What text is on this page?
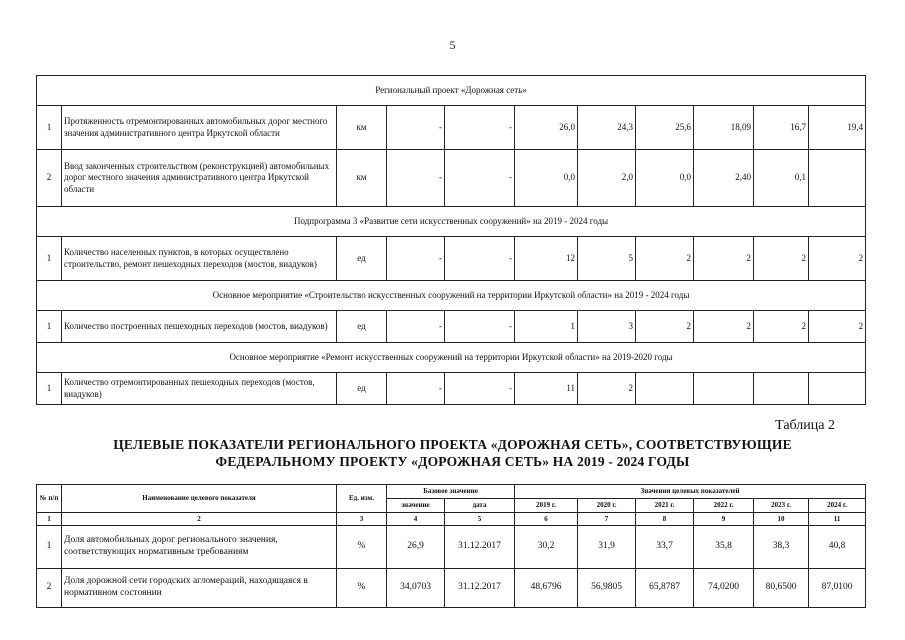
5
Региональный проект «Дорожная сеть»										
1	Протяженность отремонтированных автомобильных дорог местного значения административного центра Иркутской области	км	-	-	26,0	24,3	25,6	18,09	16,7	19,4
2	Ввод законченных строительством (реконструкцией) автомобильных дорог местного значения административного центра Иркутской области	км	-	-	0,0	2,0	0,0	2,40	0,1	
Подпрограмма 3 «Развитие сети искусственных сооружений» на 2019 - 2024 годы										
1	Количество населенных пунктов, в которых осуществлено строительство, ремонт пешеходных переходов (мостов, виадуков)	ед	-	-	12	5	2	2	2	2
Основное мероприятие «Строительство искусственных сооружений на территории Иркутской области» на 2019 - 2024 годы										
1	Количество построенных пешеходных переходов (мостов, виадуков)	ед	-	-	1	3	2	2	2	2
Основное мероприятие «Ремонт искусственных сооружений на территории Иркутской области» на 2019-2020 годы										
1	Количество отремонтированных пешеходных переходов (мостов, виадуков)	ед	-	-	11	2				
Таблица 2
ЦЕЛЕВЫЕ ПОКАЗАТЕЛИ РЕГИОНАЛЬНОГО ПРОЕКТА «ДОРОЖНАЯ СЕТЬ», СООТВЕТСТВУЮЩИЕ
ФЕДЕРАЛЬНОМУ ПРОЕКТУ «ДОРОЖНАЯ СЕТЬ» НА 2019 - 2024 ГОДЫ
№ п/п	Наименование целевого показателя	Ед. изм.	Базовое значение		Значения целевых показателей					
			значение	дата	2019 г.	2020 г.	2021 г.	2022 г.	2023 г.	2024 г.
1	2	3	4	5	6	7	8	9	10	11
1	Доля автомобильных дорог регионального значения, соответствующих нормативным требованиям	%	26,9	31.12.2017	30,2	31,9	33,7	35,8	38,3	40,8
2	Доля дорожной сети городских агломераций, находящаяся в нормативном состоянии	%	34,0703	31.12.2017	48,6796	56,9805	65,8787	74,0200	80,6500	87,0100
